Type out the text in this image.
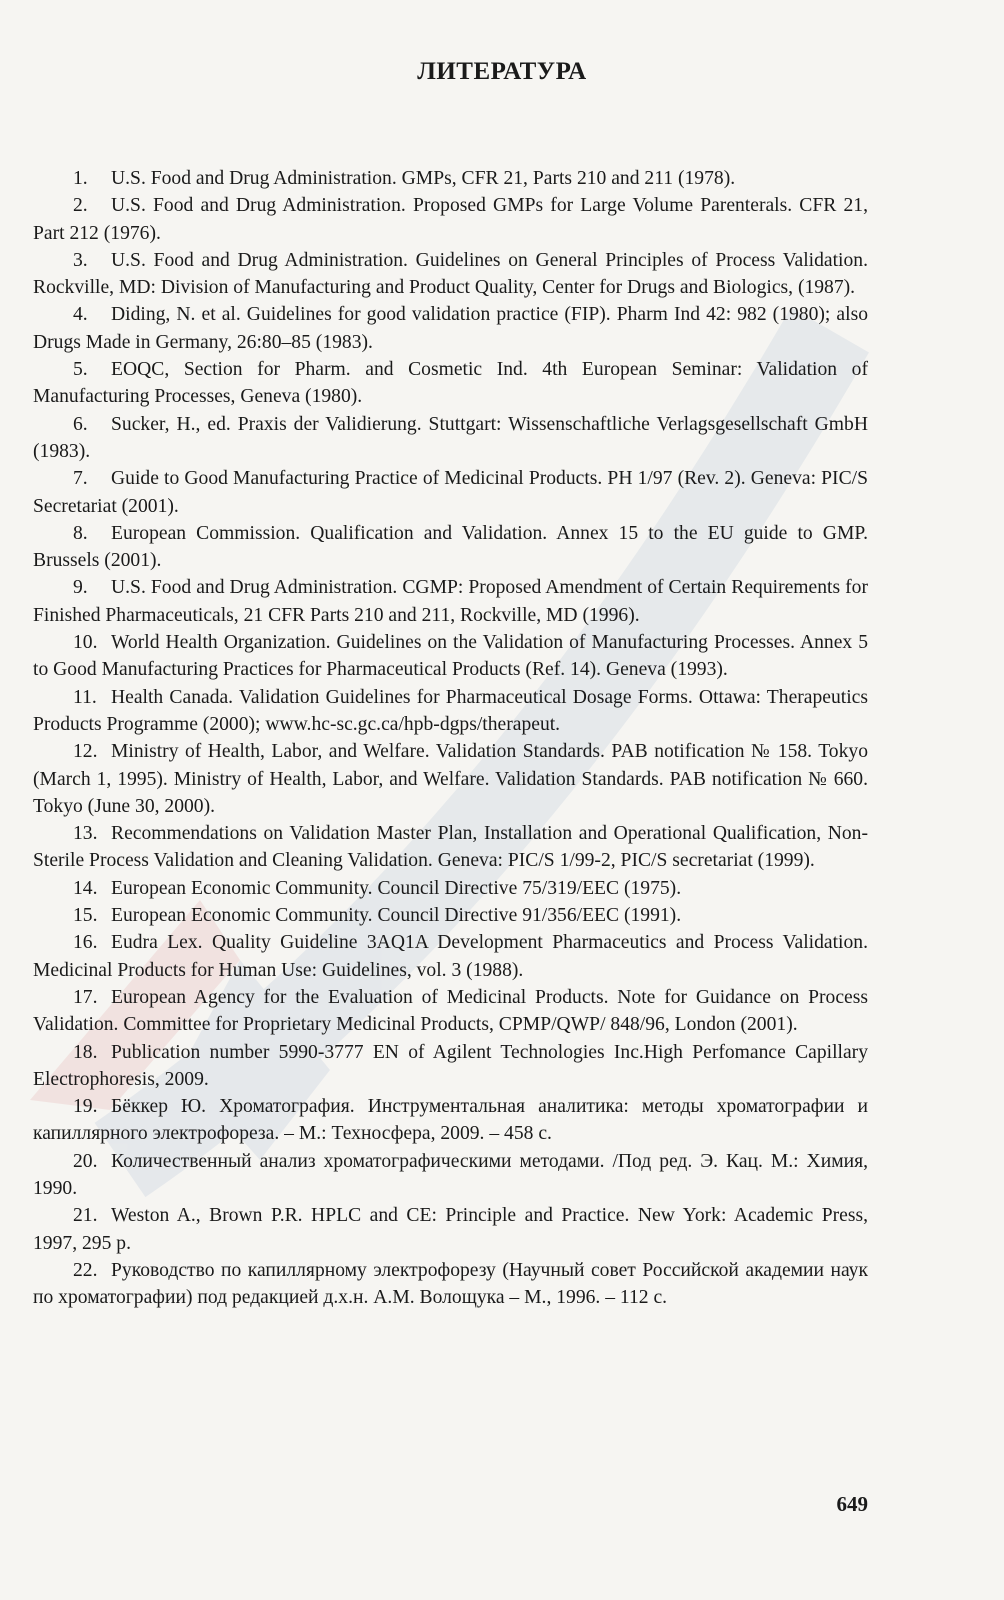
ЛИТЕРАТУРА

1. U.S. Food and Drug Administration. GMPs, CFR 21, Parts 210 and 211 (1978).

2. U.S. Food and Drug Administration. Proposed GMPs for Large Volume Parenterals. CFR 21, Part 212 (1976).

3. U.S. Food and Drug Administration. Guidelines on General Principles of Process Validation. Rockville, MD: Division of Manufacturing and Product Quality, Center for Drugs and Biologics, (1987).

4. Diding, N. et al. Guidelines for good validation practice (FIP). Pharm Ind 42: 982 (1980); also Drugs Made in Germany, 26:80–85 (1983).

5. EOQC, Section for Pharm. and Cosmetic Ind. 4th European Seminar: Validation of Manufacturing Processes, Geneva (1980).

6. Sucker, H., ed. Praxis der Validierung. Stuttgart: Wissenschaftliche Verlagsgesellschaft GmbH (1983).

7. Guide to Good Manufacturing Practice of Medicinal Products. PH 1/97 (Rev. 2). Geneva: PIC/S Secretariat (2001).

8. European Commission. Qualification and Validation. Annex 15 to the EU guide to GMP. Brussels (2001).

9. U.S. Food and Drug Administration. CGMP: Proposed Amendment of Certain Requirements for Finished Pharmaceuticals, 21 CFR Parts 210 and 211, Rockville, MD (1996).

10. World Health Organization. Guidelines on the Validation of Manufacturing Processes. Annex 5 to Good Manufacturing Practices for Pharmaceutical Products (Ref. 14). Geneva (1993).

11. Health Canada. Validation Guidelines for Pharmaceutical Dosage Forms. Ottawa: Therapeutics Products Programme (2000); www.hc-sc.gc.ca/hpb-dgps/therapeut.

12. Ministry of Health, Labor, and Welfare. Validation Standards. PAB notification № 158. Tokyo (March 1, 1995). Ministry of Health, Labor, and Welfare. Validation Standards. PAB notification № 660. Tokyo (June 30, 2000).

13. Recommendations on Validation Master Plan, Installation and Operational Qualification, Non-Sterile Process Validation and Cleaning Validation. Geneva: PIC/S 1/99-2, PIC/S secretariat (1999).

14. European Economic Community. Council Directive 75/319/EEC (1975).

15. European Economic Community. Council Directive 91/356/EEC (1991).

16. Eudra Lex. Quality Guideline 3AQ1A Development Pharmaceutics and Process Validation. Medicinal Products for Human Use: Guidelines, vol. 3 (1988).

17. European Agency for the Evaluation of Medicinal Products. Note for Guidance on Process Validation. Committee for Proprietary Medicinal Products, CPMP/QWP/ 848/96, London (2001).

18. Publication number 5990-3777 EN of Agilent Technologies Inc.High Perfomance Capillary Electrophoresis, 2009.

19. Бёккер Ю. Хроматография. Инструментальная аналитика: методы хроматографии и капиллярного электрофореза. – М.: Техносфера, 2009. – 458 с.

20. Количественный анализ хроматографическими методами. /Под ред. Э. Кац. М.: Химия, 1990.

21. Weston A., Brown P.R. HPLC and CE: Principle and Practice. New York: Academic Press, 1997, 295 p.

22. Руководство по капиллярному электрофорезу (Научный совет Российской академии наук по хроматографии) под редакцией д.х.н. А.М. Волощука – М., 1996. – 112 с.

649
